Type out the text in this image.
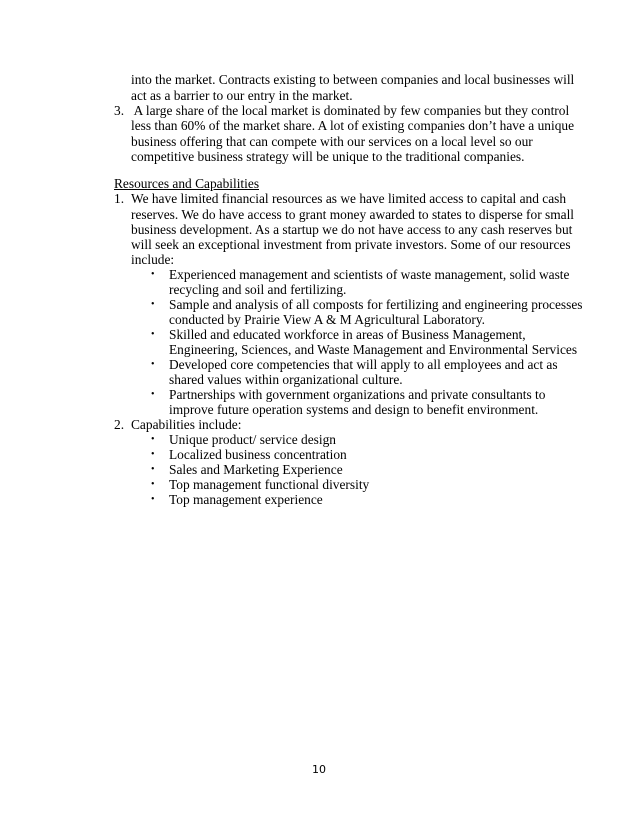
into the market. Contracts existing to between companies and local businesses will
act as a barrier to our entry in the market.
3. A large share of the local market is dominated by few companies but they control
less than 60% of the market share. A lot of existing companies don’t have a unique
business offering that can compete with our services on a local level so our
competitive business strategy will be unique to the traditional companies.
Resources and Capabilities
1. We have limited financial resources as we have limited access to capital and cash
reserves. We do have access to grant money awarded to states to disperse for small
business development. As a startup we do not have access to any cash reserves but
will seek an exceptional investment from private investors. Some of our resources
include:
• Experienced management and scientists of waste management, solid waste
recycling and soil and fertilizing.
• Sample and analysis of all composts for fertilizing and engineering processes
conducted by Prairie View A & M Agricultural Laboratory.
• Skilled and educated workforce in areas of Business Management,
Engineering, Sciences, and Waste Management and Environmental Services
• Developed core competencies that will apply to all employees and act as
shared values within organizational culture.
• Partnerships with government organizations and private consultants to
improve future operation systems and design to benefit environment.
2. Capabilities include:
• Unique product/ service design
• Localized business concentration
• Sales and Marketing Experience
• Top management functional diversity
• Top management experience
10
